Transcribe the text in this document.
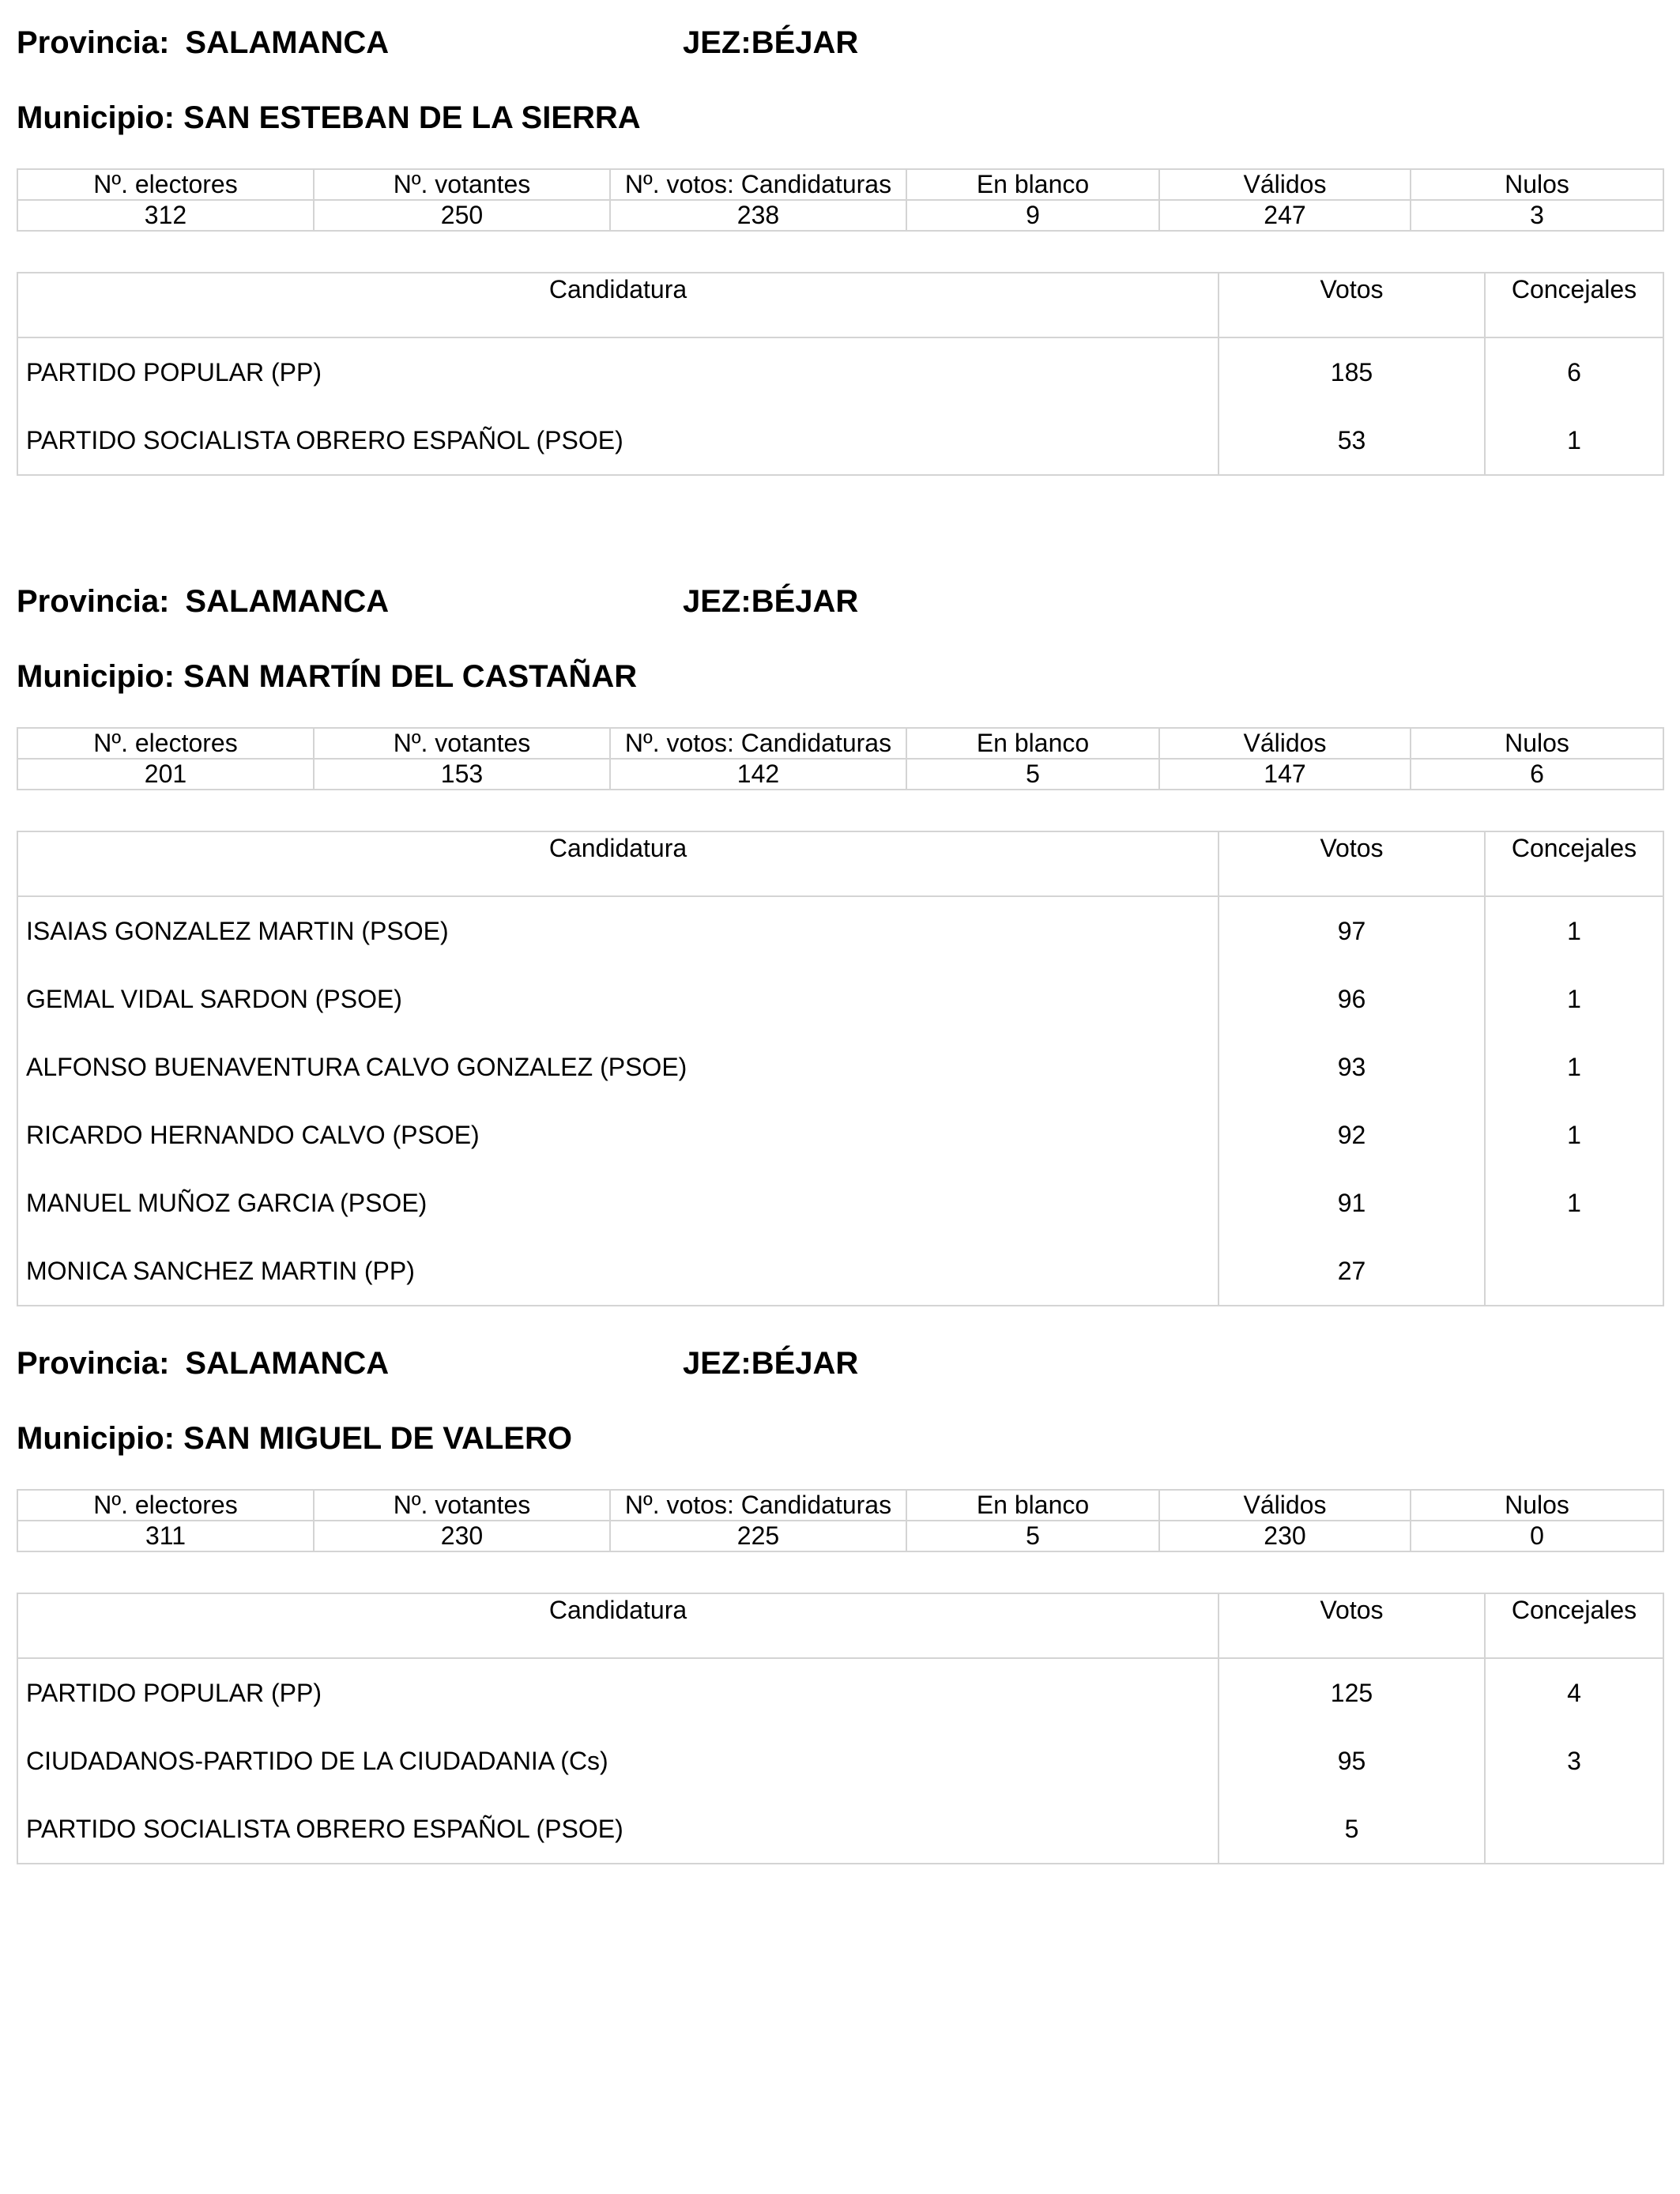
Provincia: SALAMANCA	JEZ:BÉJAR
Municipio: SAN ESTEBAN DE LA SIERRA
Nº. electores	Nº. votantes	Nº. votos: Candidaturas	En blanco	Válidos	Nulos
312	250	238	9	247	3
Candidatura	Votos	Concejales
PARTIDO POPULAR (PP)	185	6
PARTIDO SOCIALISTA OBRERO ESPAÑOL (PSOE)	53	1
Provincia: SALAMANCA	JEZ:BÉJAR
Municipio: SAN MARTÍN DEL CASTAÑAR
Nº. electores	Nº. votantes	Nº. votos: Candidaturas	En blanco	Válidos	Nulos
201	153	142	5	147	6
Candidatura	Votos	Concejales
ISAIAS GONZALEZ MARTIN (PSOE)	97	1
GEMAL VIDAL SARDON (PSOE)	96	1
ALFONSO BUENAVENTURA CALVO GONZALEZ (PSOE)	93	1
RICARDO HERNANDO CALVO (PSOE)	92	1
MANUEL MUÑOZ GARCIA (PSOE)	91	1
MONICA SANCHEZ MARTIN (PP)	27	
Provincia: SALAMANCA	JEZ:BÉJAR
Municipio: SAN MIGUEL DE VALERO
Nº. electores	Nº. votantes	Nº. votos: Candidaturas	En blanco	Válidos	Nulos
311	230	225	5	230	0
Candidatura	Votos	Concejales
PARTIDO POPULAR (PP)	125	4
CIUDADANOS-PARTIDO DE LA CIUDADANIA (Cs)	95	3
PARTIDO SOCIALISTA OBRERO ESPAÑOL (PSOE)	5	
